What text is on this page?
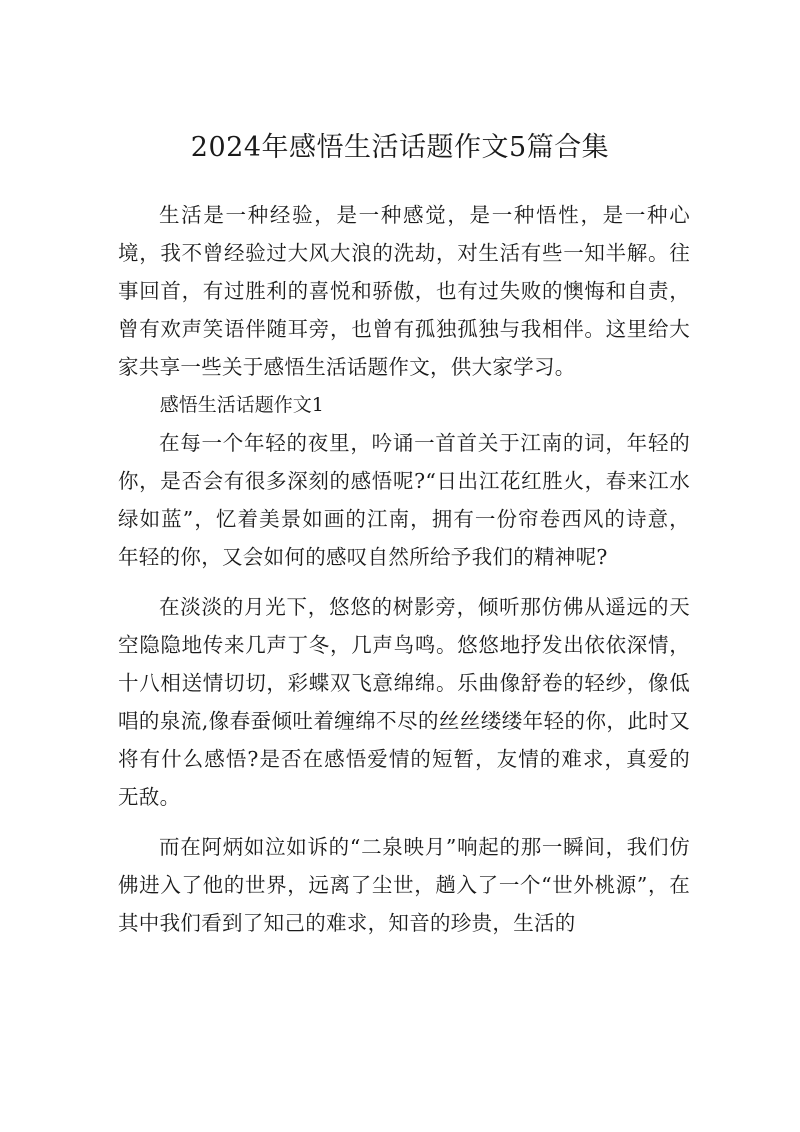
2024年感悟生活话题作文5篇合集

生活是一种经验，是一种感觉，是一种悟性，是一种心境，我不曾经验过大风大浪的洗劫，对生活有些一知半解。往事回首，有过胜利的喜悦和骄傲，也有过失败的懊悔和自责，曾有欢声笑语伴随耳旁，也曾有孤独孤独与我相伴。这里给大家共享一些关于感悟生活话题作文，供大家学习。

感悟生活话题作文1

在每一个年轻的夜里，吟诵一首首关于江南的词，年轻的你，是否会有很多深刻的感悟呢?“日出江花红胜火，春来江水绿如蓝”，忆着美景如画的江南，拥有一份帘卷西风的诗意，年轻的你，又会如何的感叹自然所给予我们的精神呢?

在淡淡的月光下，悠悠的树影旁，倾听那仿佛从遥远的天空隐隐地传来几声丁冬，几声鸟鸣。悠悠地抒发出依依深情，十八相送情切切，彩蝶双飞意绵绵。乐曲像舒卷的轻纱，像低唱的泉流,像春蚕倾吐着缠绵不尽的丝丝缕缕年轻的你，此时又将有什么感悟?是否在感悟爱情的短暂，友情的难求，真爱的无敌。

而在阿炳如泣如诉的“二泉映月”响起的那一瞬间，我们仿佛进入了他的世界，远离了尘世，趟入了一个“世外桃源”，在其中我们看到了知己的难求，知音的珍贵，生活的
